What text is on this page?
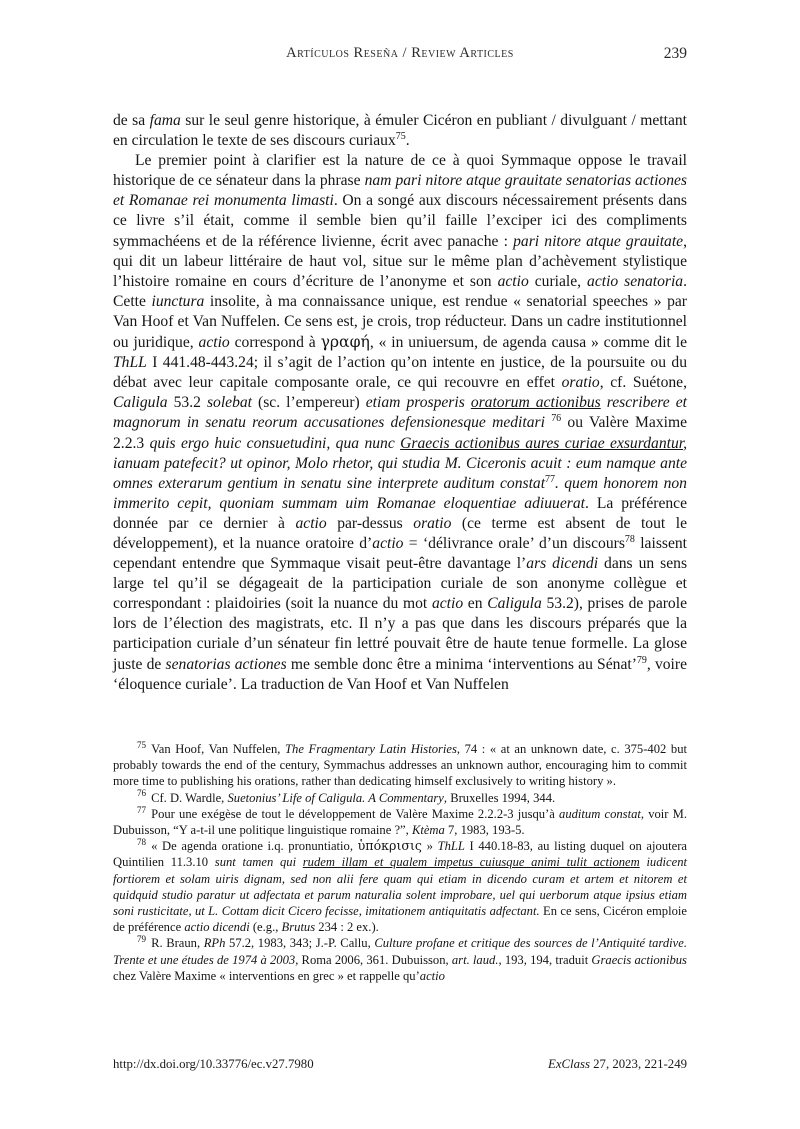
Artículos Reseña / Review Articles	239

de sa fama sur le seul genre historique, à émuler Cicéron en publiant / divulguant / mettant en circulation le texte de ses discours curiaux$^{75}$.

Le premier point à clarifier est la nature de ce à quoi Symmaque oppose le travail historique de ce sénateur dans la phrase nam pari nitore atque grauitate senatorias actiones et Romanae rei monumenta limasti. On a songé aux discours nécessairement présents dans ce livre s’il était, comme il semble bien qu’il faille l’exciper ici des compliments symmachéens et de la référence livienne, écrit avec panache : pari nitore atque grauitate, qui dit un labeur littéraire de haut vol, situe sur le même plan d’achèvement stylistique l’histoire romaine en cours d’écriture de l’anonyme et son actio curiale, actio senatoria. Cette iunctura insolite, à ma connaissance unique, est rendue « senatorial speeches » par Van Hoof et Van Nuffelen. Ce sens est, je crois, trop réducteur. Dans un cadre institutionnel ou juridique, actio correspond à γραφή, « in uniuersum, de agenda causa » comme dit le ThLL I 441.48-443.24; il s’agit de l’action qu’on intente en justice, de la poursuite ou du débat avec leur capitale composante orale, ce qui recouvre en effet oratio, cf. Suétone, Caligula 53.2 solebat (sc. l’empereur) etiam prosperis oratorum actionibus rescribere et magnorum in senatu reorum accusationes defensionesque meditari $^{76}$ ou Valère Maxime 2.2.3 quis ergo huic consuetudini, qua nunc Graecis actionibus aures curiae exsurdantur, ianuam patefecit? ut opinor, Molo rhetor, qui studia M. Ciceronis acuit : eum namque ante omnes exterarum gentium in senatu sine interprete auditum constat$^{77}$. quem honorem non immerito cepit, quoniam summam uim Romanae eloquentiae adiuuerat. La préférence donnée par ce dernier à actio par-dessus oratio (ce terme est absent de tout le développement), et la nuance oratoire d’actio = ‘délivrance orale’ d’un discours$^{78}$ laissent cependant entendre que Symmaque visait peut-être davantage l’ars dicendi dans un sens large tel qu’il se dégageait de la participation curiale de son anonyme collègue et correspondant : plaidoiries (soit la nuance du mot actio en Caligula 53.2), prises de parole lors de l’élection des magistrats, etc. Il n’y a pas que dans les discours préparés que la participation curiale d’un sénateur fin lettré pouvait être de haute tenue formelle. La glose juste de senatorias actiones me semble donc être a minima ‘interventions au Sénat’$^{79}$, voire ‘éloquence curiale’. La traduction de Van Hoof et Van Nuffelen

$^{75}$ Van Hoof, Van Nuffelen, The Fragmentary Latin Histories, 74 : « at an unknown date, c. 375-402 but probably towards the end of the century, Symmachus addresses an unknown author, encouraging him to commit more time to publishing his orations, rather than dedicating himself exclusively to writing history ».

$^{76}$ Cf. D. Wardle, Suetonius’ Life of Caligula. A Commentary, Bruxelles 1994, 344.

$^{77}$ Pour une exégèse de tout le développement de Valère Maxime 2.2.2-3 jusqu’à auditum constat, voir M. Dubuisson, “Y a-t-il une politique linguistique romaine ?”, Ktèma 7, 1983, 193-5.

$^{78}$ « De agenda oratione i.q. pronuntiatio, ὑπόκρισις » ThLL I 440.18-83, au listing duquel on ajoutera Quintilien 11.3.10 sunt tamen qui rudem illam et qualem impetus cuiusque animi tulit actionem iudicent fortiorem et solam uiris dignam, sed non alii fere quam qui etiam in dicendo curam et artem et nitorem et quidquid studio paratur ut adfectata et parum naturalia solent improbare, uel qui uerborum atque ipsius etiam soni rusticitate, ut L. Cottam dicit Cicero fecisse, imitationem antiquitatis adfectant. En ce sens, Cicéron emploie de préférence actio dicendi (e.g., Brutus 234 : 2 ex.).

$^{79}$ R. Braun, RPh 57.2, 1983, 343; J.-P. Callu, Culture profane et critique des sources de l’Antiquité tardive. Trente et une études de 1974 à 2003, Roma 2006, 361. Dubuisson, art. laud., 193, 194, traduit Graecis actionibus chez Valère Maxime « interventions en grec » et rappelle qu’actio

http://dx.doi.org/10.33776/ec.v27.7980	ExClass 27, 2023, 221-249
